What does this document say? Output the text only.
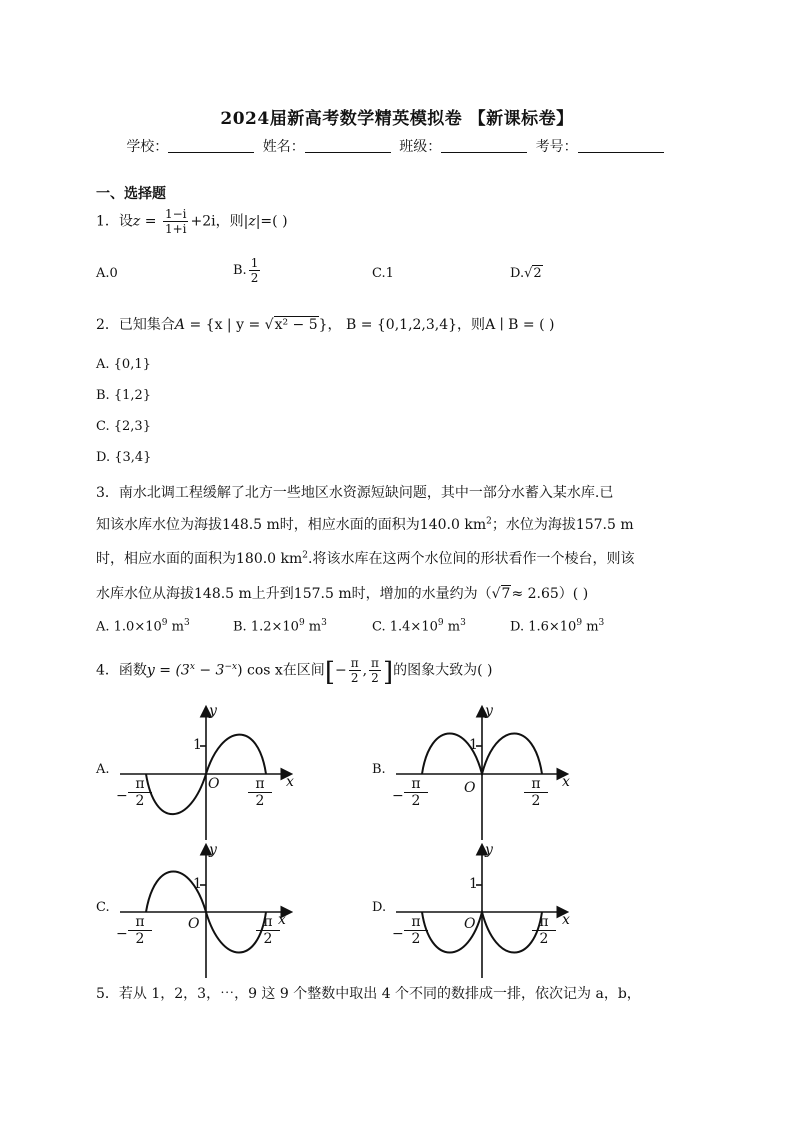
2024届新高考数学精英模拟卷 【新课标卷】
学校：	姓名：	班级：	考号：
一、选择题
1．设$z = \frac{1-i}{1+i} +2i$，则|z|=( )
A.0	B. $\frac{1}{2}$	C.1	D.√2
2．已知集合A = {x | y = √x² − 5}， B = {0,1,2,3,4}，则A ∣ B = ( )
A. {0,1}
B. {1,2}
C. {2,3}
D. {3,4}
3．南水北调工程缓解了北方一些地区水资源短缺问题，其中一部分水蓄入某水库.已
知该水库水位为海拔148.5 m时，相应水面的面积为140.0 $km^2$；水位为海拔157.5 m
时，相应水面的面积为180.0 $km^2$.将该水库在这两个水位间的形状看作一个棱台，则该
水库水位从海拔148.5 m上升到157.5 m时，增加的水量约为（√7≈ 2.65）( )
A. $1.0\times 10^9$ $m^3$	B. $1.2\times 10^9$ $m^3$	C. $1.4\times 10^9$ $m^3$	D. $1.6\times 10^9$ $m^3$
4．函数$y = (3^x - 3^{-x})$ cos x在区间[− $\frac{\pi}{2}$ , $\frac{\pi}{2}$ ]的图象大致为( )
A.	B.
C.	D.
y
x
O
1
−
π
2
π
2
y
x
O
1
−
π
2
π
2
y
x
O
1
−
π
2
π
2
y
x
O
1
−
π
2
π
2
5．若从 1，2，3，⋯，9 这 9 个整数中取出 4 个不同的数排成一排，依次记为 a，b，
